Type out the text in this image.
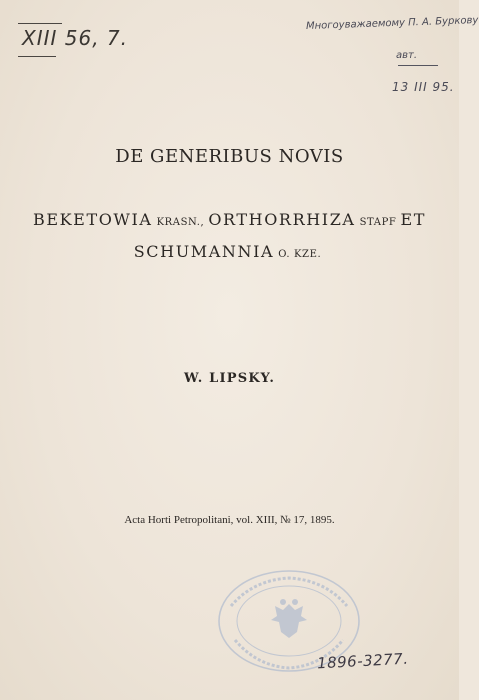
XIII 56, 7.
Многоуважаемому П. А. Буркову
авт.
13 III 95.
DE GENERIBUS NOVIS
BEKETOWIA KRASN., ORTHORRHIZA STAPF ET
SCHUMANNIA O. KZE.
W. LIPSKY.
Acta Horti Petropolitani, vol. XIII, № 17, 1895.
1896-3277.
